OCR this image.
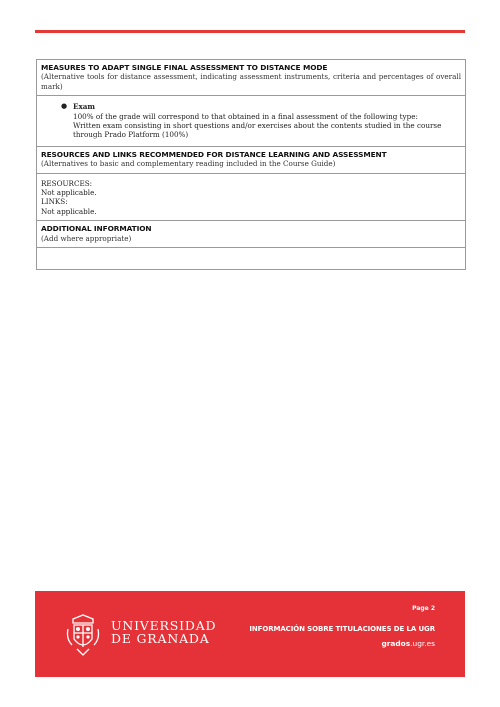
MEASURES TO ADAPT SINGLE FINAL ASSESSMENT TO DISTANCE MODE
(Alternative tools for distance assessment, indicating assessment instruments, criteria and percentages of overall mark)

● Exam
100% of the grade will correspond to that obtained in a final assessment of the following type:
Written exam consisting in short questions and/or exercises about the contents studied in the course
through Prado Platform (100%)

RESOURCES AND LINKS RECOMMENDED FOR DISTANCE LEARNING AND ASSESSMENT
(Alternatives to basic and complementary reading included in the Course Guide)

RESOURCES:
Not applicable.
LINKS:
Not applicable.

ADDITIONAL INFORMATION
(Add where appropriate)

UNIVERSIDAD
DE GRANADA
Page 2
INFORMACIÓN SOBRE TITULACIONES DE LA UGR
grados.ugr.es
